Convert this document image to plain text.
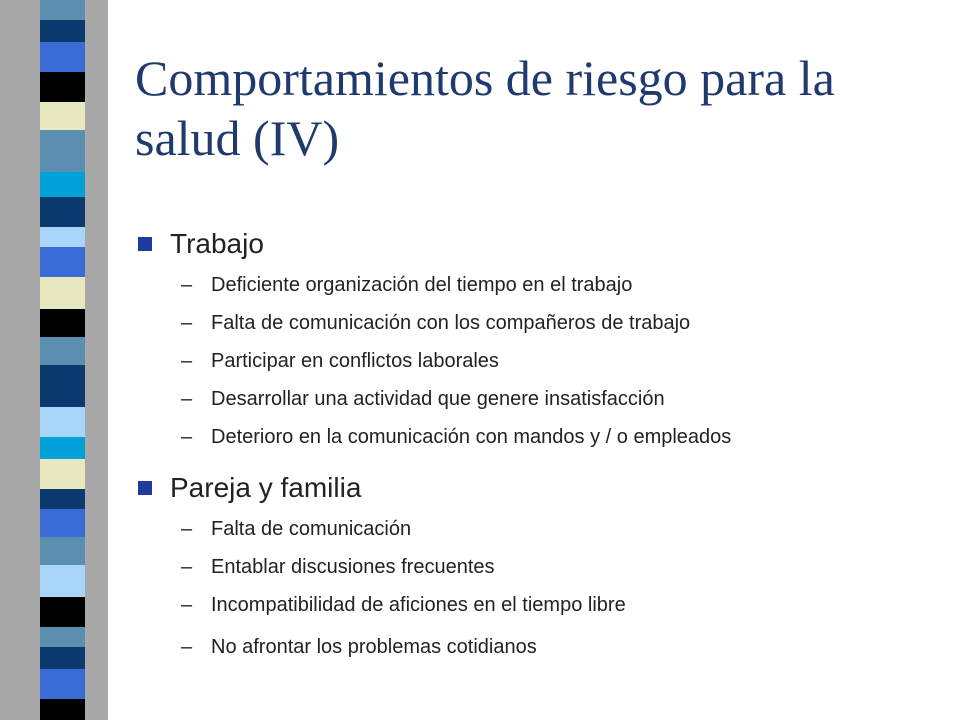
Comportamientos de riesgo para la salud (IV)
Trabajo
– Deficiente organización del tiempo en el trabajo
– Falta de comunicación con los compañeros de trabajo
– Participar en conflictos laborales
– Desarrollar una actividad que genere insatisfacción
– Deterioro en la comunicación con mandos y / o empleados
Pareja y familia
– Falta de comunicación
– Entablar discusiones frecuentes
– Incompatibilidad de aficiones en el tiempo libre
– No afrontar los problemas cotidianos
